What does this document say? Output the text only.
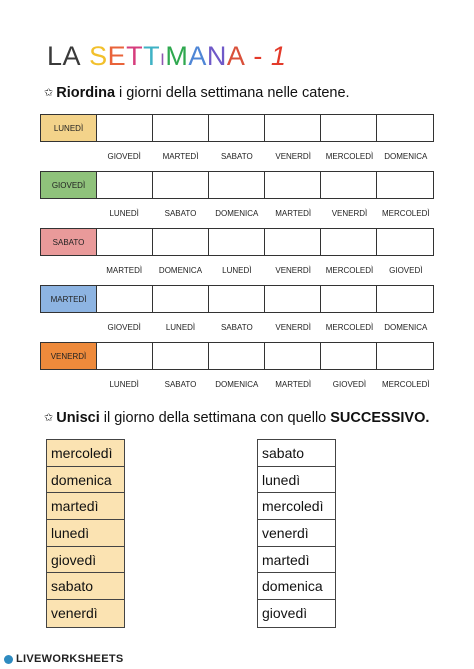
LA SETTIMANA - 1
✩ Riordina i giorni della settimana nelle catene.
LUNEDÌ
GIOVEDÌ	MARTEDÌ	SABATO	VENERDÌ	MERCOLEDÌ	DOMENICA
GIOVEDÌ
LUNEDÌ	SABATO	DOMENICA	MARTEDÌ	VENERDÌ	MERCOLEDÌ
SABATO
MARTEDÌ	DOMENICA	LUNEDÌ	VENERDÌ	MERCOLEDÌ	GIOVEDÌ
MARTEDÌ
GIOVEDÌ	LUNEDÌ	SABATO	VENERDÌ	MERCOLEDÌ	DOMENICA
VENERDÌ
LUNEDÌ	SABATO	DOMENICA	MARTEDÌ	GIOVEDÌ	MERCOLEDÌ
✩ Unisci il giorno della settimana con quello SUCCESSIVO.
mercoledì
domenica
martedì
lunedì
giovedì
sabato
venerdì
sabato
lunedì
mercoledì
venerdì
martedì
domenica
giovedì
LIVEWORKSHEETS
